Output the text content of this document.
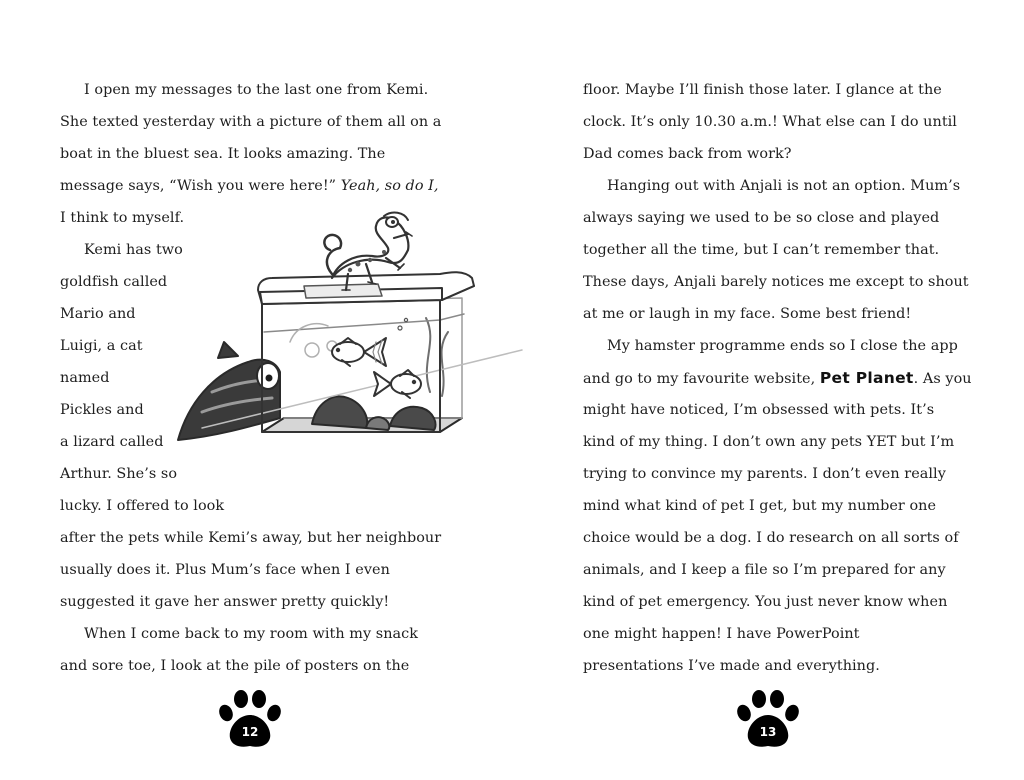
I open my messages to the last one from Kemi.
She texted yesterday with a picture of them all on a
boat in the bluest sea. It looks amazing. The
message says, “Wish you were here!” Yeah, so do I,
I think to myself.
Kemi has two
goldfish called
Mario and
Luigi, a cat
named
Pickles and
a lizard called
Arthur. She’s so
lucky. I offered to look
after the pets while Kemi’s away, but her neighbour
usually does it. Plus Mum’s face when I even
suggested it gave her answer pretty quickly!
When I come back to my room with my snack
and sore toe, I look at the pile of posters on the
12
floor. Maybe I’ll finish those later. I glance at the
clock. It’s only 10.30 a.m.! What else can I do until
Dad comes back from work?
Hanging out with Anjali is not an option. Mum’s
always saying we used to be so close and played
together all the time, but I can’t remember that.
These days, Anjali barely notices me except to shout
at me or laugh in my face. Some best friend!
My hamster programme ends so I close the app
and go to my favourite website, Pet Planet. As you
might have noticed, I’m obsessed with pets. It’s
kind of my thing. I don’t own any pets YET but I’m
trying to convince my parents. I don’t even really
mind what kind of pet I get, but my number one
choice would be a dog. I do research on all sorts of
animals, and I keep a file so I’m prepared for any
kind of pet emergency. You just never know when
one might happen! I have PowerPoint
presentations I’ve made and everything.
13
